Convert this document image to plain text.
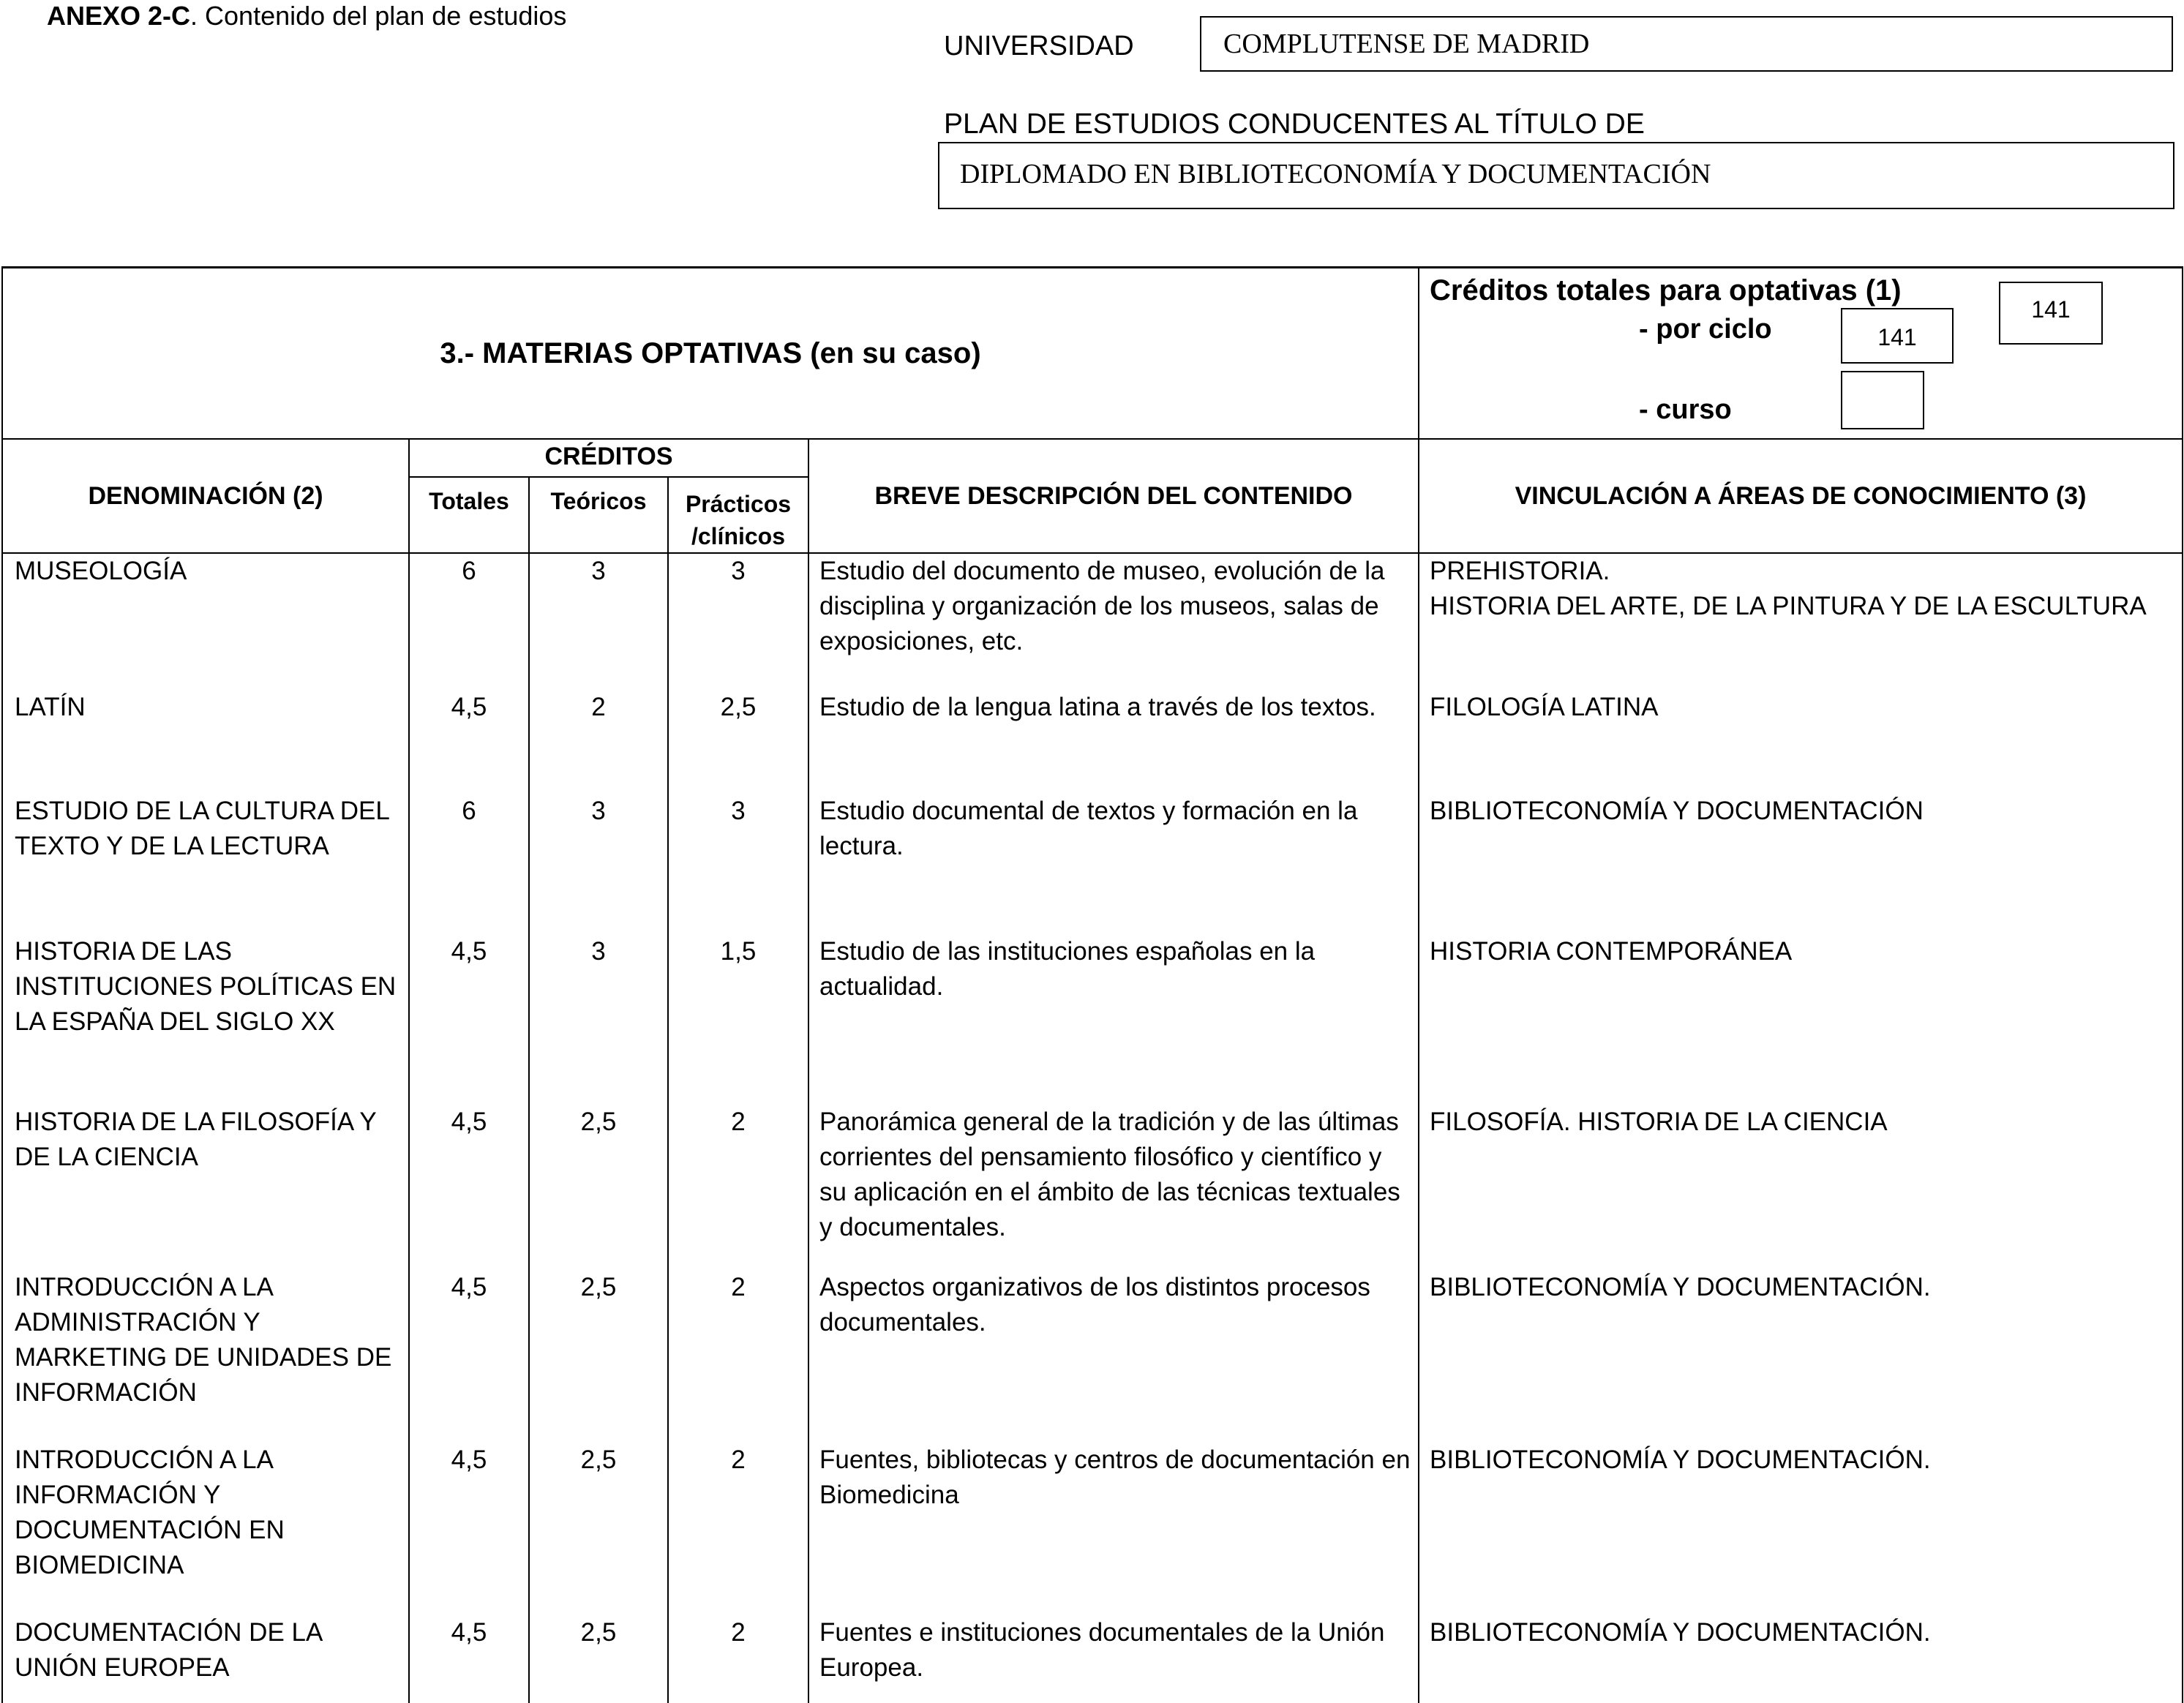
ANEXO 2-C. Contenido del plan de estudios
UNIVERSIDAD	COMPLUTENSE DE MADRID
PLAN DE ESTUDIOS CONDUCENTES AL TÍTULO DE
DIPLOMADO EN BIBLIOTECONOMÍA Y DOCUMENTACIÓN
3.- MATERIAS OPTATIVAS (en su caso)					Créditos totales para optativas (1)
141
- por ciclo 141
- curso

DENOMINACIÓN (2)	CRÉDITOS			BREVE DESCRIPCIÓN DEL CONTENIDO	VINCULACIÓN A ÁREAS DE CONOCIMIENTO (3)
	Totales	Teóricos	Prácticos /clínicos		
MUSEOLOGÍA	6	3	3	Estudio del documento de museo, evolución de la disciplina y organización de los museos, salas de exposiciones, etc.	PREHISTORIA.
HISTORIA DEL ARTE, DE LA PINTURA Y DE LA ESCULTURA
LATÍN	4,5	2	2,5	Estudio de la lengua latina a través de los textos.	FILOLOGÍA LATINA
ESTUDIO DE LA CULTURA DEL TEXTO Y DE LA LECTURA	6	3	3	Estudio documental de textos y formación en la lectura.	BIBLIOTECONOMÍA Y DOCUMENTACIÓN
HISTORIA DE LAS INSTITUCIONES POLÍTICAS EN LA ESPAÑA DEL SIGLO XX	4,5	3	1,5	Estudio de las instituciones españolas en la actualidad.	HISTORIA CONTEMPORÁNEA
HISTORIA DE LA FILOSOFÍA Y DE LA CIENCIA	4,5	2,5	2	Panorámica general de la tradición y de las últimas corrientes del pensamiento filosófico y científico y su aplicación en el ámbito de las técnicas textuales y documentales.	FILOSOFÍA. HISTORIA DE LA CIENCIA
INTRODUCCIÓN A LA ADMINISTRACIÓN Y MARKETING DE UNIDADES DE INFORMACIÓN	4,5	2,5	2	Aspectos organizativos de los distintos procesos documentales.	BIBLIOTECONOMÍA Y DOCUMENTACIÓN.
INTRODUCCIÓN A LA INFORMACIÓN Y DOCUMENTACIÓN EN BIOMEDICINA	4,5	2,5	2	Fuentes, bibliotecas y centros de documentación en Biomedicina	BIBLIOTECONOMÍA Y DOCUMENTACIÓN.
DOCUMENTACIÓN DE LA UNIÓN EUROPEA	4,5	2,5	2	Fuentes e instituciones documentales de la Unión Europea.	BIBLIOTECONOMÍA Y DOCUMENTACIÓN.
